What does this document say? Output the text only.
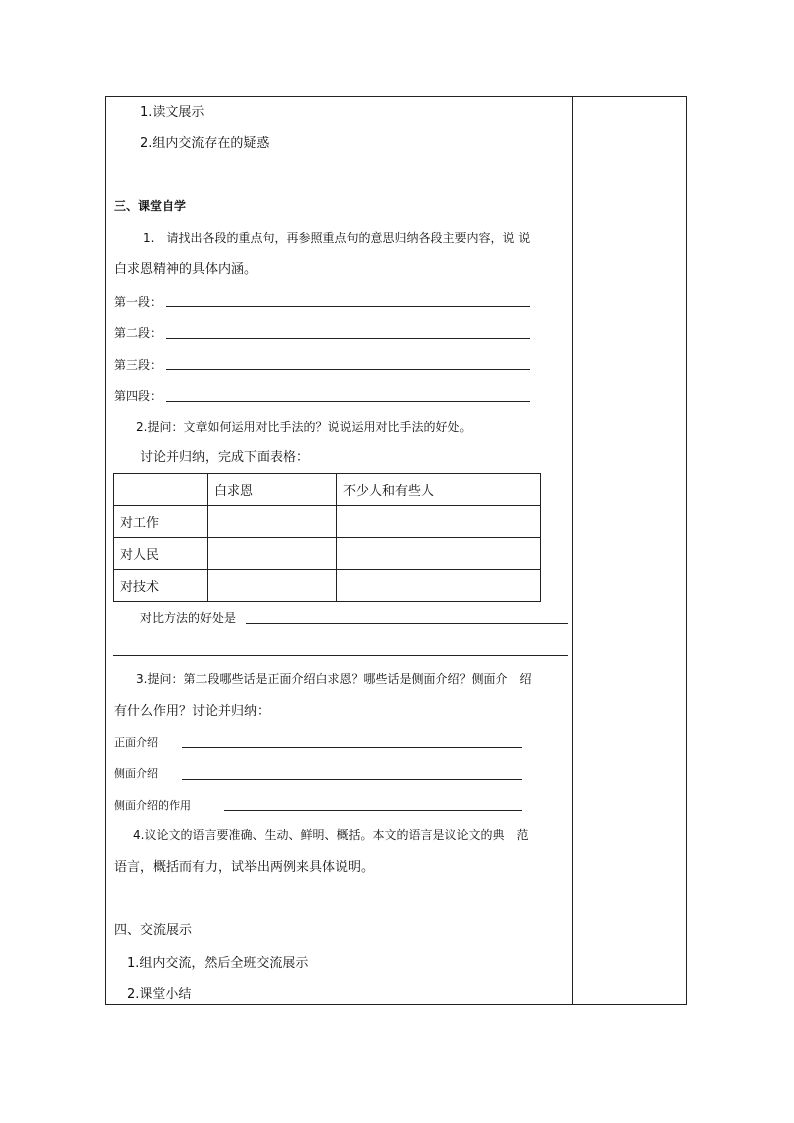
1.读文展示
2.组内交流存在的疑惑
三、课堂自学
1.　请找出各段的重点句，再参照重点句的意思归纳各段主要内容，说 说
白求恩精神的具体内涵。
第一段：
第二段：
第三段：
第四段：
2.提问：文章如何运用对比手法的？说说运用对比手法的好处。
讨论并归纳，完成下面表格：
	白求恩	不少人和有些人
对工作		
对人民		
对技术		
对比方法的好处是
3.提问：第二段哪些话是正面介绍白求恩？哪些话是侧面介绍？侧面介　绍
有什么作用？讨论并归纳：
正面介绍
侧面介绍
侧面介绍的作用
4.议论文的语言要准确、生动、鲜明、概括。本文的语言是议论文的典　范
语言，概括而有力，试举出两例来具体说明。
四、交流展示
1.组内交流，然后全班交流展示
2.课堂小结
